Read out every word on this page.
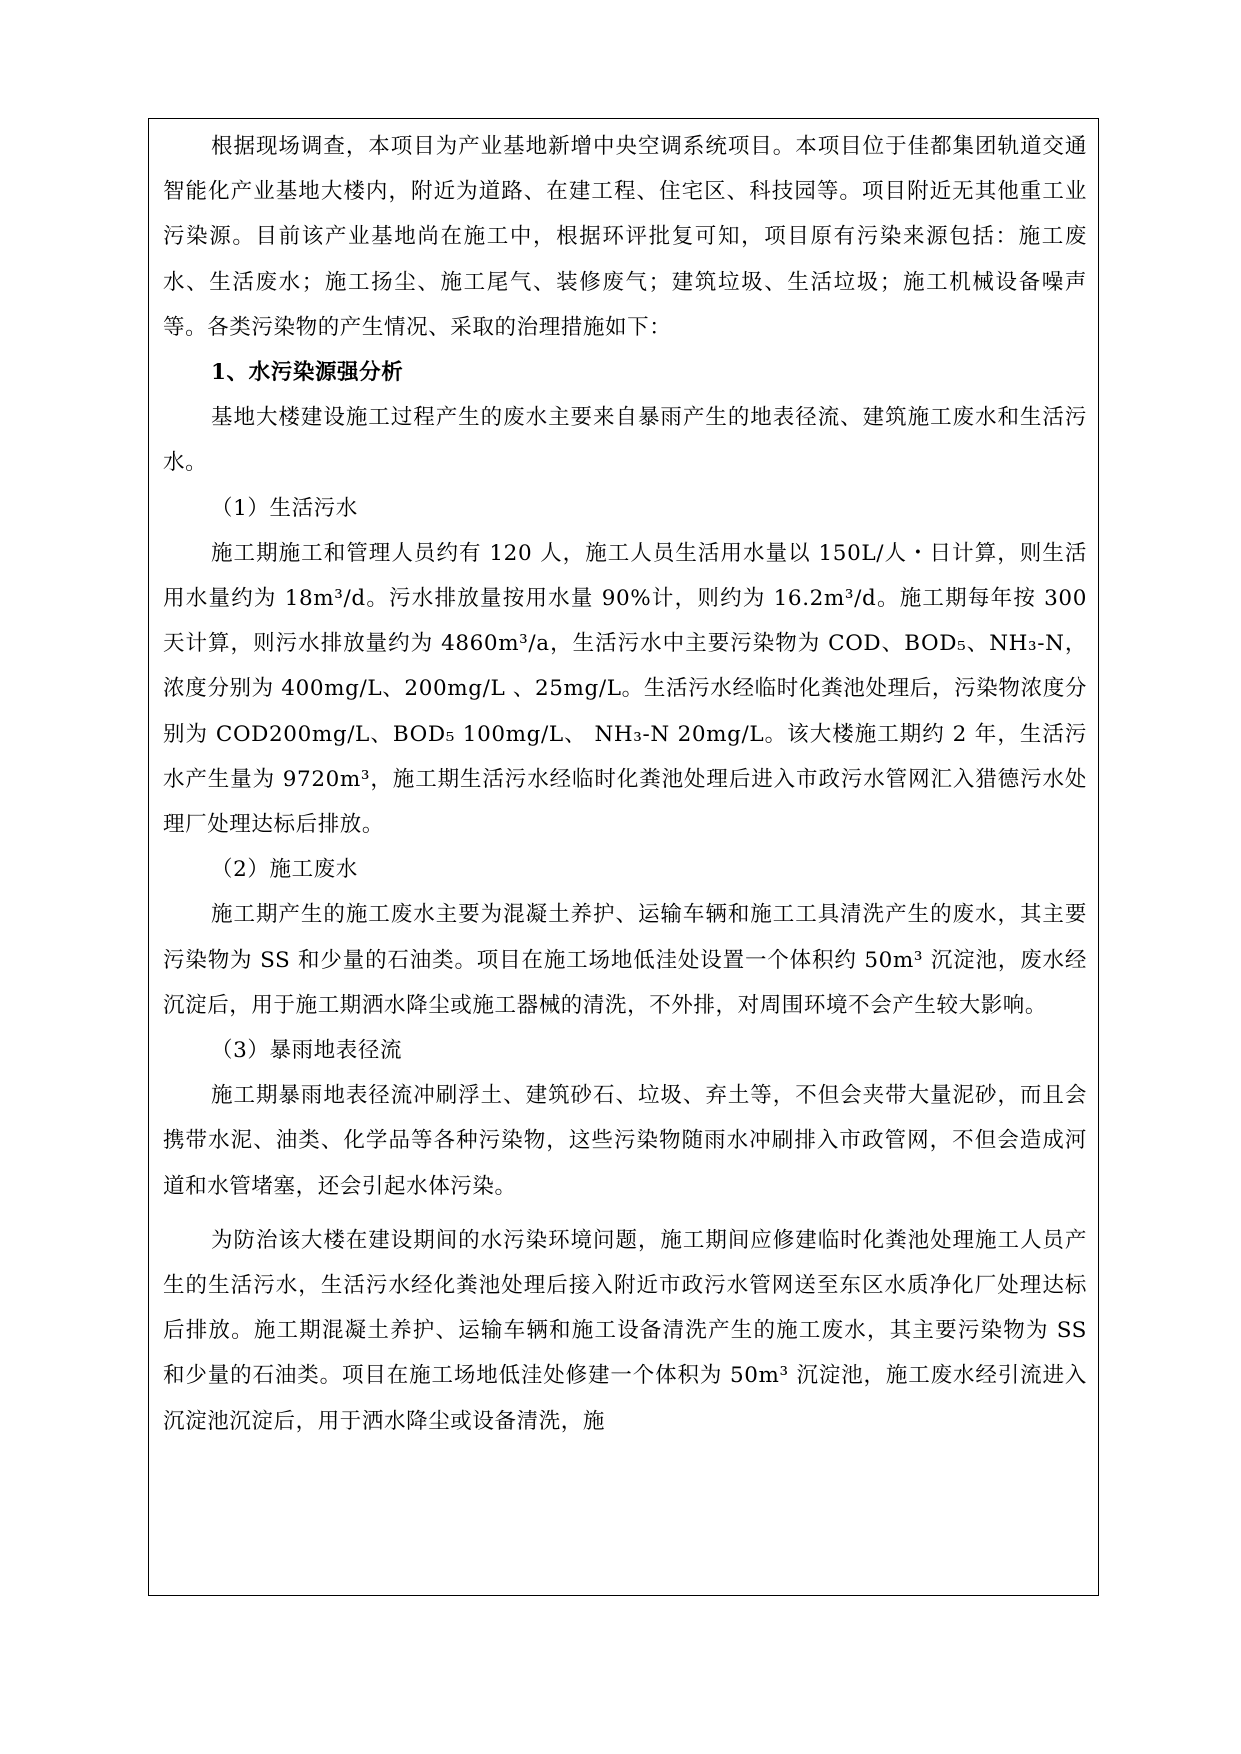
根据现场调查，本项目为产业基地新增中央空调系统项目。本项目位于佳都集团轨道交通智能化产业基地大楼内，附近为道路、在建工程、住宅区、科技园等。项目附近无其他重工业污染源。目前该产业基地尚在施工中，根据环评批复可知，项目原有污染来源包括：施工废水、生活废水；施工扬尘、施工尾气、装修废气；建筑垃圾、生活垃圾；施工机械设备噪声等。各类污染物的产生情况、采取的治理措施如下：

1、水污染源强分析

基地大楼建设施工过程产生的废水主要来自暴雨产生的地表径流、建筑施工废水和生活污水。

（1）生活污水

施工期施工和管理人员约有 120 人，施工人员生活用水量以 150L/人・日计算，则生活用水量约为 18m³/d。污水排放量按用水量 90%计，则约为 16.2m³/d。施工期每年按 300 天计算，则污水排放量约为 4860m³/a，生活污水中主要污染物为 COD、BOD₅、NH₃-N，浓度分别为 400mg/L、200mg/L 、25mg/L。生活污水经临时化粪池处理后，污染物浓度分别为 COD200mg/L、BOD₅ 100mg/L、 NH₃-N 20mg/L。该大楼施工期约 2 年，生活污水产生量为 9720m³，施工期生活污水经临时化粪池处理后进入市政污水管网汇入猎德污水处理厂处理达标后排放。

（2）施工废水

施工期产生的施工废水主要为混凝土养护、运输车辆和施工工具清洗产生的废水，其主要污染物为 SS 和少量的石油类。项目在施工场地低洼处设置一个体积约 50m³ 沉淀池，废水经沉淀后，用于施工期洒水降尘或施工器械的清洗，不外排，对周围环境不会产生较大影响。

（3）暴雨地表径流

施工期暴雨地表径流冲刷浮土、建筑砂石、垃圾、弃土等，不但会夹带大量泥砂，而且会携带水泥、油类、化学品等各种污染物，这些污染物随雨水冲刷排入市政管网，不但会造成河道和水管堵塞，还会引起水体污染。

为防治该大楼在建设期间的水污染环境问题，施工期间应修建临时化粪池处理施工人员产生的生活污水，生活污水经化粪池处理后接入附近市政污水管网送至东区水质净化厂处理达标后排放。施工期混凝土养护、运输车辆和施工设备清洗产生的施工废水，其主要污染物为 SS 和少量的石油类。项目在施工场地低洼处修建一个体积为 50m³ 沉淀池，施工废水经引流进入沉淀池沉淀后，用于洒水降尘或设备清洗，施
